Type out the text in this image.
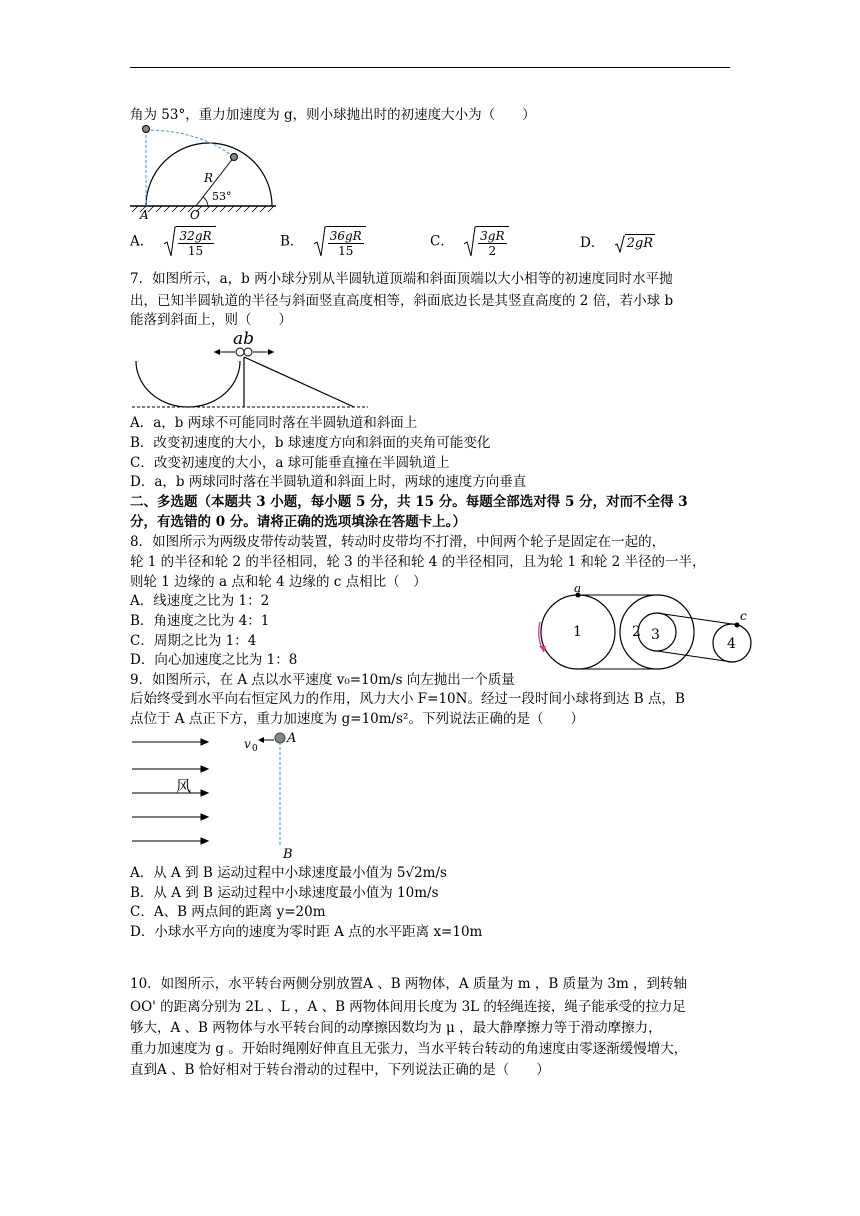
角为 53°，重力加速度为 g，则小球抛出时的初速度大小为（　　）
A	O
R
53°
A． $\frac{32gR}{15}$	B． $\frac{36gR}{15}$	C． $\frac{3gR}{2}$	D． 2gR
7．如图所示，a，b 两小球分别从半圆轨道顶端和斜面顶端以大小相等的初速度同时水平抛
出，已知半圆轨道的半径与斜面竖直高度相等，斜面底边长是其竖直高度的 2 倍，若小球 b
能落到斜面上，则（　　）
ab
A．a，b 两球不可能同时落在半圆轨道和斜面上
B．改变初速度的大小，b 球速度方向和斜面的夹角可能变化
C．改变初速度的大小，a 球可能垂直撞在半圆轨道上
D．a，b 两球同时落在半圆轨道和斜面上时，两球的速度方向垂直
二、多选题（本题共 3 小题，每小题 5 分，共 15 分。每题全部选对得 5 分，对而不全得 3
分，有选错的 0 分。请将正确的选项填涂在答题卡上。）
8．如图所示为两级皮带传动装置，转动时皮带均不打滑，中间两个轮子是固定在一起的，
轮 1 的半径和轮 2 的半径相同，轮 3 的半径和轮 4 的半径相同，且为轮 1 和轮 2 半径的一半，
则轮 1 边缘的 a 点和轮 4 边缘的 c 点相比（　）
A．线速度之比为 1：2
B．角速度之比为 4：1
C．周期之比为 1：4
D．向心加速度之比为 1：8
a
c
1	2 3
4
9．如图所示，在 A 点以水平速度 v₀=10m/s 向左抛出一个质量
后始终受到水平向右恒定风力的作用，风力大小 F=10N。经过一段时间小球将到达 B 点，B
点位于 A 点正下方，重力加速度为 g=10m/s²。下列说法正确的是（　　）
v 0
A
B
风
A．从 A 到 B 运动过程中小球速度最小值为 5√2m/s
B．从 A 到 B 运动过程中小球速度最小值为 10m/s
C．A、B 两点间的距离 y=20m
D．小球水平方向的速度为零时距 A 点的水平距离 x=10m
10．如图所示，水平转台两侧分别放置A 、B 两物体，A 质量为 m ，B 质量为 3m ，到转轴
OO' 的距离分别为 2L 、L ，A 、B 两物体间用长度为 3L 的轻绳连接，绳子能承受的拉力足
够大，A 、B 两物体与水平转台间的动摩擦因数均为 μ ，最大静摩擦力等于滑动摩擦力，
重力加速度为 g 。开始时绳刚好伸直且无张力，当水平转台转动的角速度由零逐渐缓慢增大，
直到A 、B 恰好相对于转台滑动的过程中，下列说法正确的是（　　）
